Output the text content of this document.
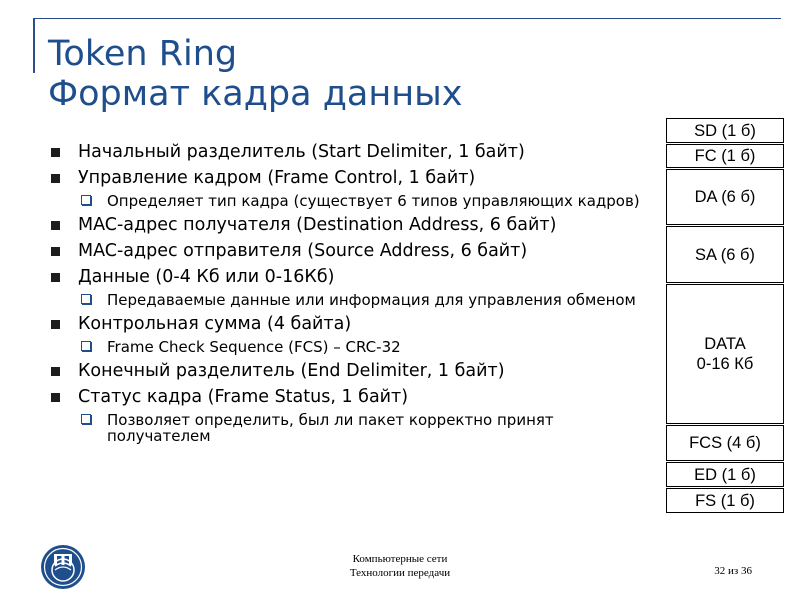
Token Ring
Формат кадра данных
Начальный разделитель (Start Delimiter, 1 байт)
Управление кадром (Frame Control, 1 байт)
Определяет тип кадра (существует 6 типов управляющих кадров)
MAC-адрес получателя (Destination Address, 6 байт)
MAC-адрес отправителя (Source Address, 6 байт)
Данные (0-4 Кб или 0-16Кб)
Передаваемые данные или информация для управления обменом
Контрольная сумма (4 байта)
Frame Check Sequence (FCS) – CRC-32
Конечный разделитель (End Delimiter, 1 байт)
Статус кадра (Frame Status, 1 байт)
Позволяет определить, был ли пакет корректно принят получателем
SD (1 б)
FC (1 б)
DA (6 б)
SA (6 б)
DATA
0-16 Кб
FCS (4 б)
ED (1 б)
FS (1 б)
Компьютерные сети
Технологии передачи	32 из 36
